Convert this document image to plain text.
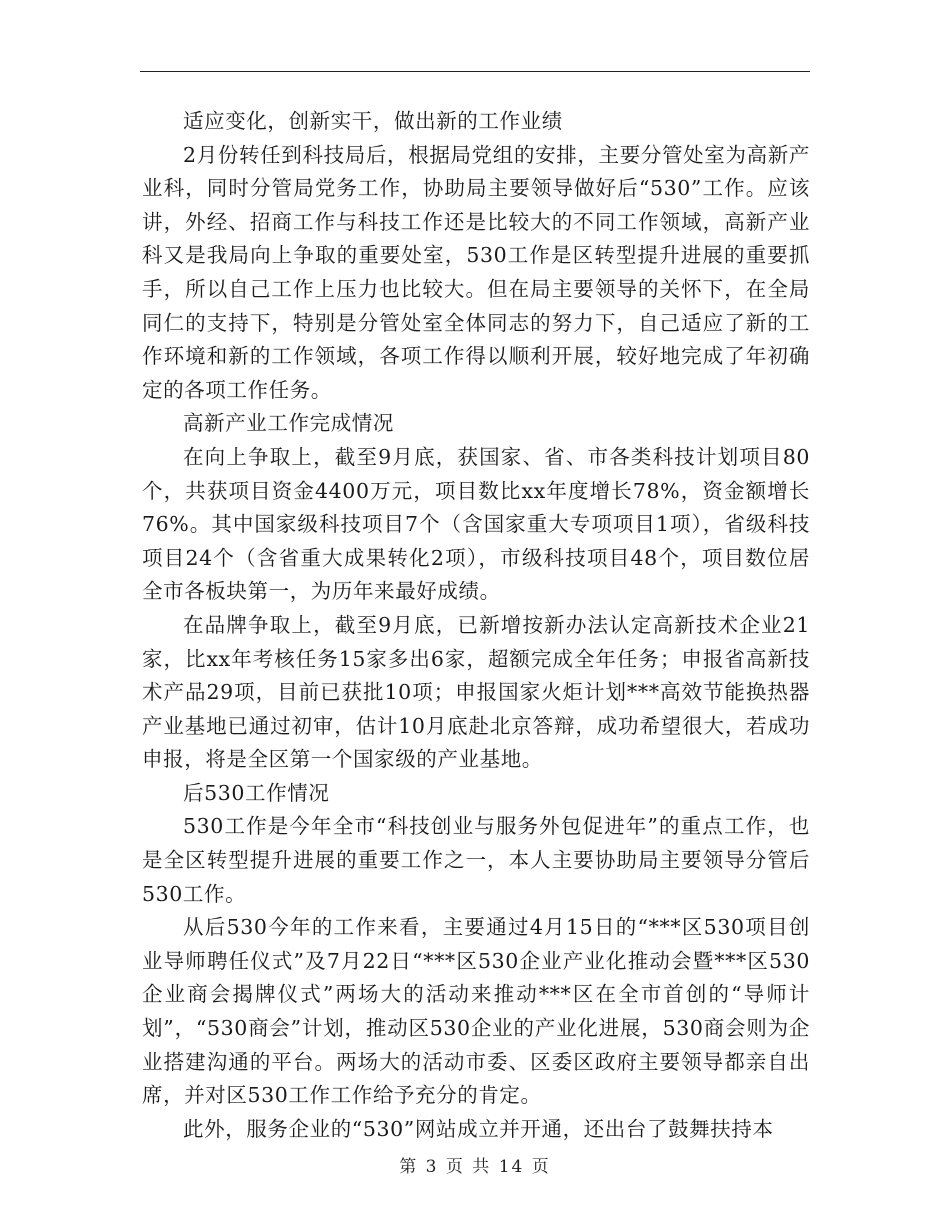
适应变化，创新实干，做出新的工作业绩

2月份转任到科技局后，根据局党组的安排，主要分管处室为高新产业科，同时分管局党务工作，协助局主要领导做好后“530”工作。应该讲，外经、招商工作与科技工作还是比较大的不同工作领域，高新产业科又是我局向上争取的重要处室，530工作是区转型提升进展的重要抓手，所以自己工作上压力也比较大。但在局主要领导的关怀下，在全局同仁的支持下，特别是分管处室全体同志的努力下，自己适应了新的工作环境和新的工作领域，各项工作得以顺利开展，较好地完成了年初确定的各项工作任务。

高新产业工作完成情况

在向上争取上，截至9月底，获国家、省、市各类科技计划项目80个，共获项目资金4400万元，项目数比xx年度增长78%，资金额增长76%。其中国家级科技项目7个（含国家重大专项项目1项），省级科技项目24个（含省重大成果转化2项），市级科技项目48个，项目数位居全市各板块第一，为历年来最好成绩。

在品牌争取上，截至9月底，已新增按新办法认定高新技术企业21家，比xx年考核任务15家多出6家，超额完成全年任务；申报省高新技术产品29项，目前已获批10项；申报国家火炬计划***高效节能换热器产业基地已通过初审，估计10月底赴北京答辩，成功希望很大，若成功申报，将是全区第一个国家级的产业基地。

后530工作情况

530工作是今年全市“科技创业与服务外包促进年”的重点工作，也是全区转型提升进展的重要工作之一，本人主要协助局主要领导分管后530工作。

从后530今年的工作来看，主要通过4月15日的“***区530项目创业导师聘任仪式”及7月22日“***区530企业产业化推动会暨***区530企业商会揭牌仪式”两场大的活动来推动***区在全市首创的“导师计划”，“530商会”计划，推动区530企业的产业化进展，530商会则为企业搭建沟通的平台。两场大的活动市委、区委区政府主要领导都亲自出席，并对区530工作工作给予充分的肯定。

此外，服务企业的“530”网站成立并开通，还出台了鼓舞扶持本

第 3 页 共 14 页
